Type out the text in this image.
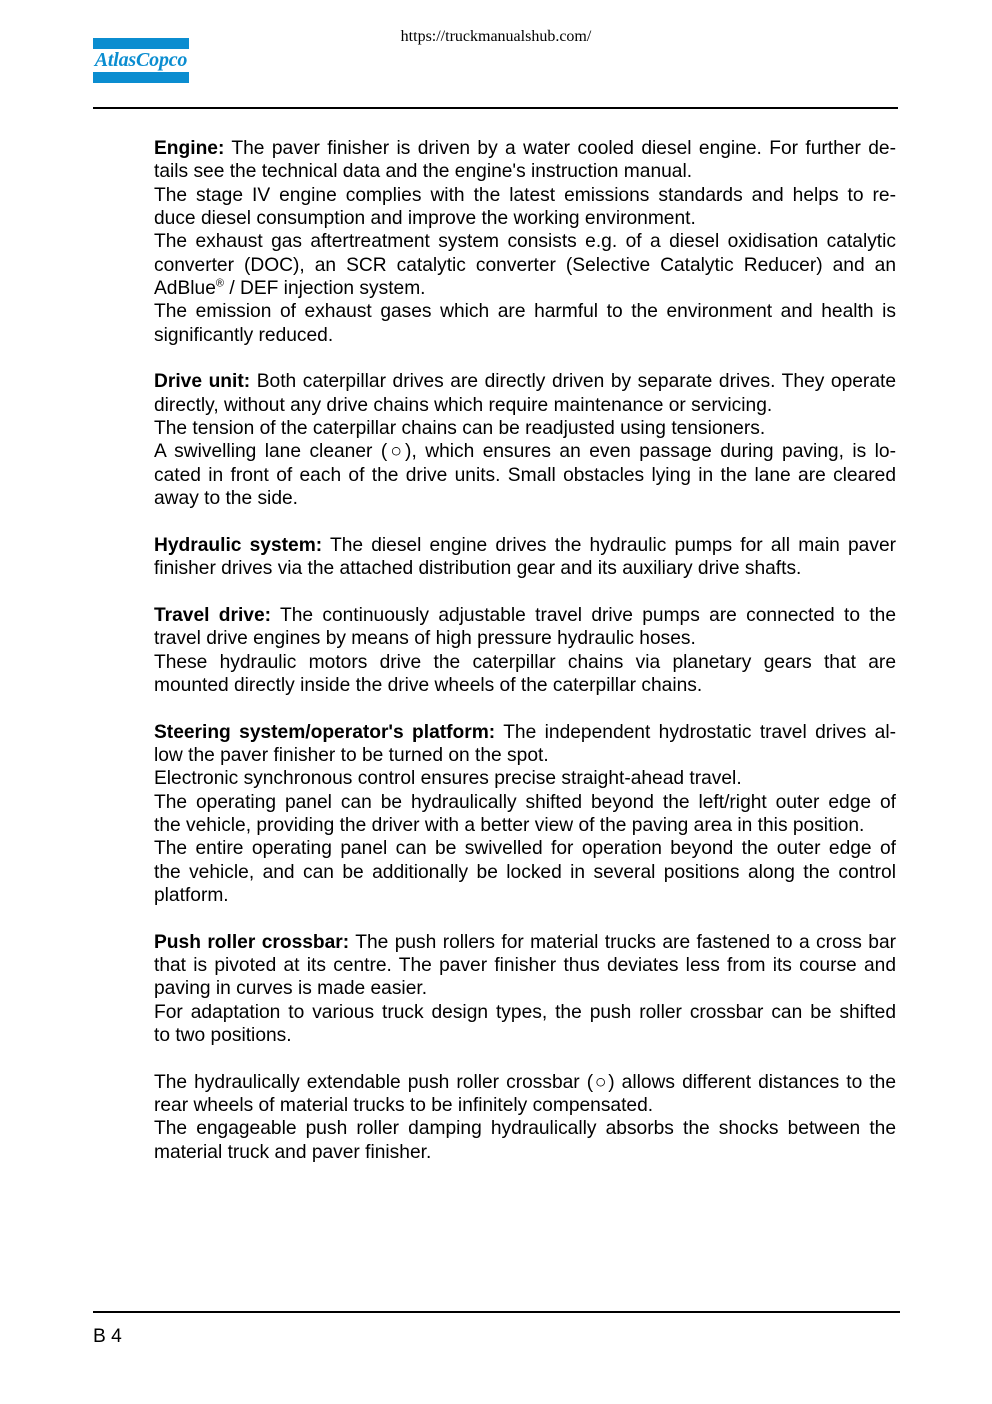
https://truckmanualshub.com/
AtlasCopco
Engine: The paver finisher is driven by a water cooled diesel engine. For further de-
tails see the technical data and the engine's instruction manual.
The stage IV engine complies with the latest emissions standards and helps to re-
duce diesel consumption and improve the working environment.
The exhaust gas aftertreatment system consists e.g. of a diesel oxidisation catalytic
converter (DOC), an SCR catalytic converter (Selective Catalytic Reducer) and an
AdBlue® / DEF injection system.
The emission of exhaust gases which are harmful to the environment and health is
significantly reduced.
Drive unit: Both caterpillar drives are directly driven by separate drives. They operate
directly, without any drive chains which require maintenance or servicing.
The tension of the caterpillar chains can be readjusted using tensioners.
A swivelling lane cleaner (○), which ensures an even passage during paving, is lo-
cated in front of each of the drive units. Small obstacles lying in the lane are cleared
away to the side.
Hydraulic system: The diesel engine drives the hydraulic pumps for all main paver
finisher drives via the attached distribution gear and its auxiliary drive shafts.
Travel drive: The continuously adjustable travel drive pumps are connected to the
travel drive engines by means of high pressure hydraulic hoses.
These hydraulic motors drive the caterpillar chains via planetary gears that are
mounted directly inside the drive wheels of the caterpillar chains.
Steering system/operator's platform: The independent hydrostatic travel drives al-
low the paver finisher to be turned on the spot.
Electronic synchronous control ensures precise straight-ahead travel.
The operating panel can be hydraulically shifted beyond the left/right outer edge of
the vehicle, providing the driver with a better view of the paving area in this position.
The entire operating panel can be swivelled for operation beyond the outer edge of
the vehicle, and can be additionally be locked in several positions along the control
platform.
Push roller crossbar: The push rollers for material trucks are fastened to a cross bar
that is pivoted at its centre. The paver finisher thus deviates less from its course and
paving in curves is made easier.
For adaptation to various truck design types, the push roller crossbar can be shifted
to two positions.
The hydraulically extendable push roller crossbar (○) allows different distances to the
rear wheels of material trucks to be infinitely compensated.
The engageable push roller damping hydraulically absorbs the shocks between the
material truck and paver finisher.
B 4
